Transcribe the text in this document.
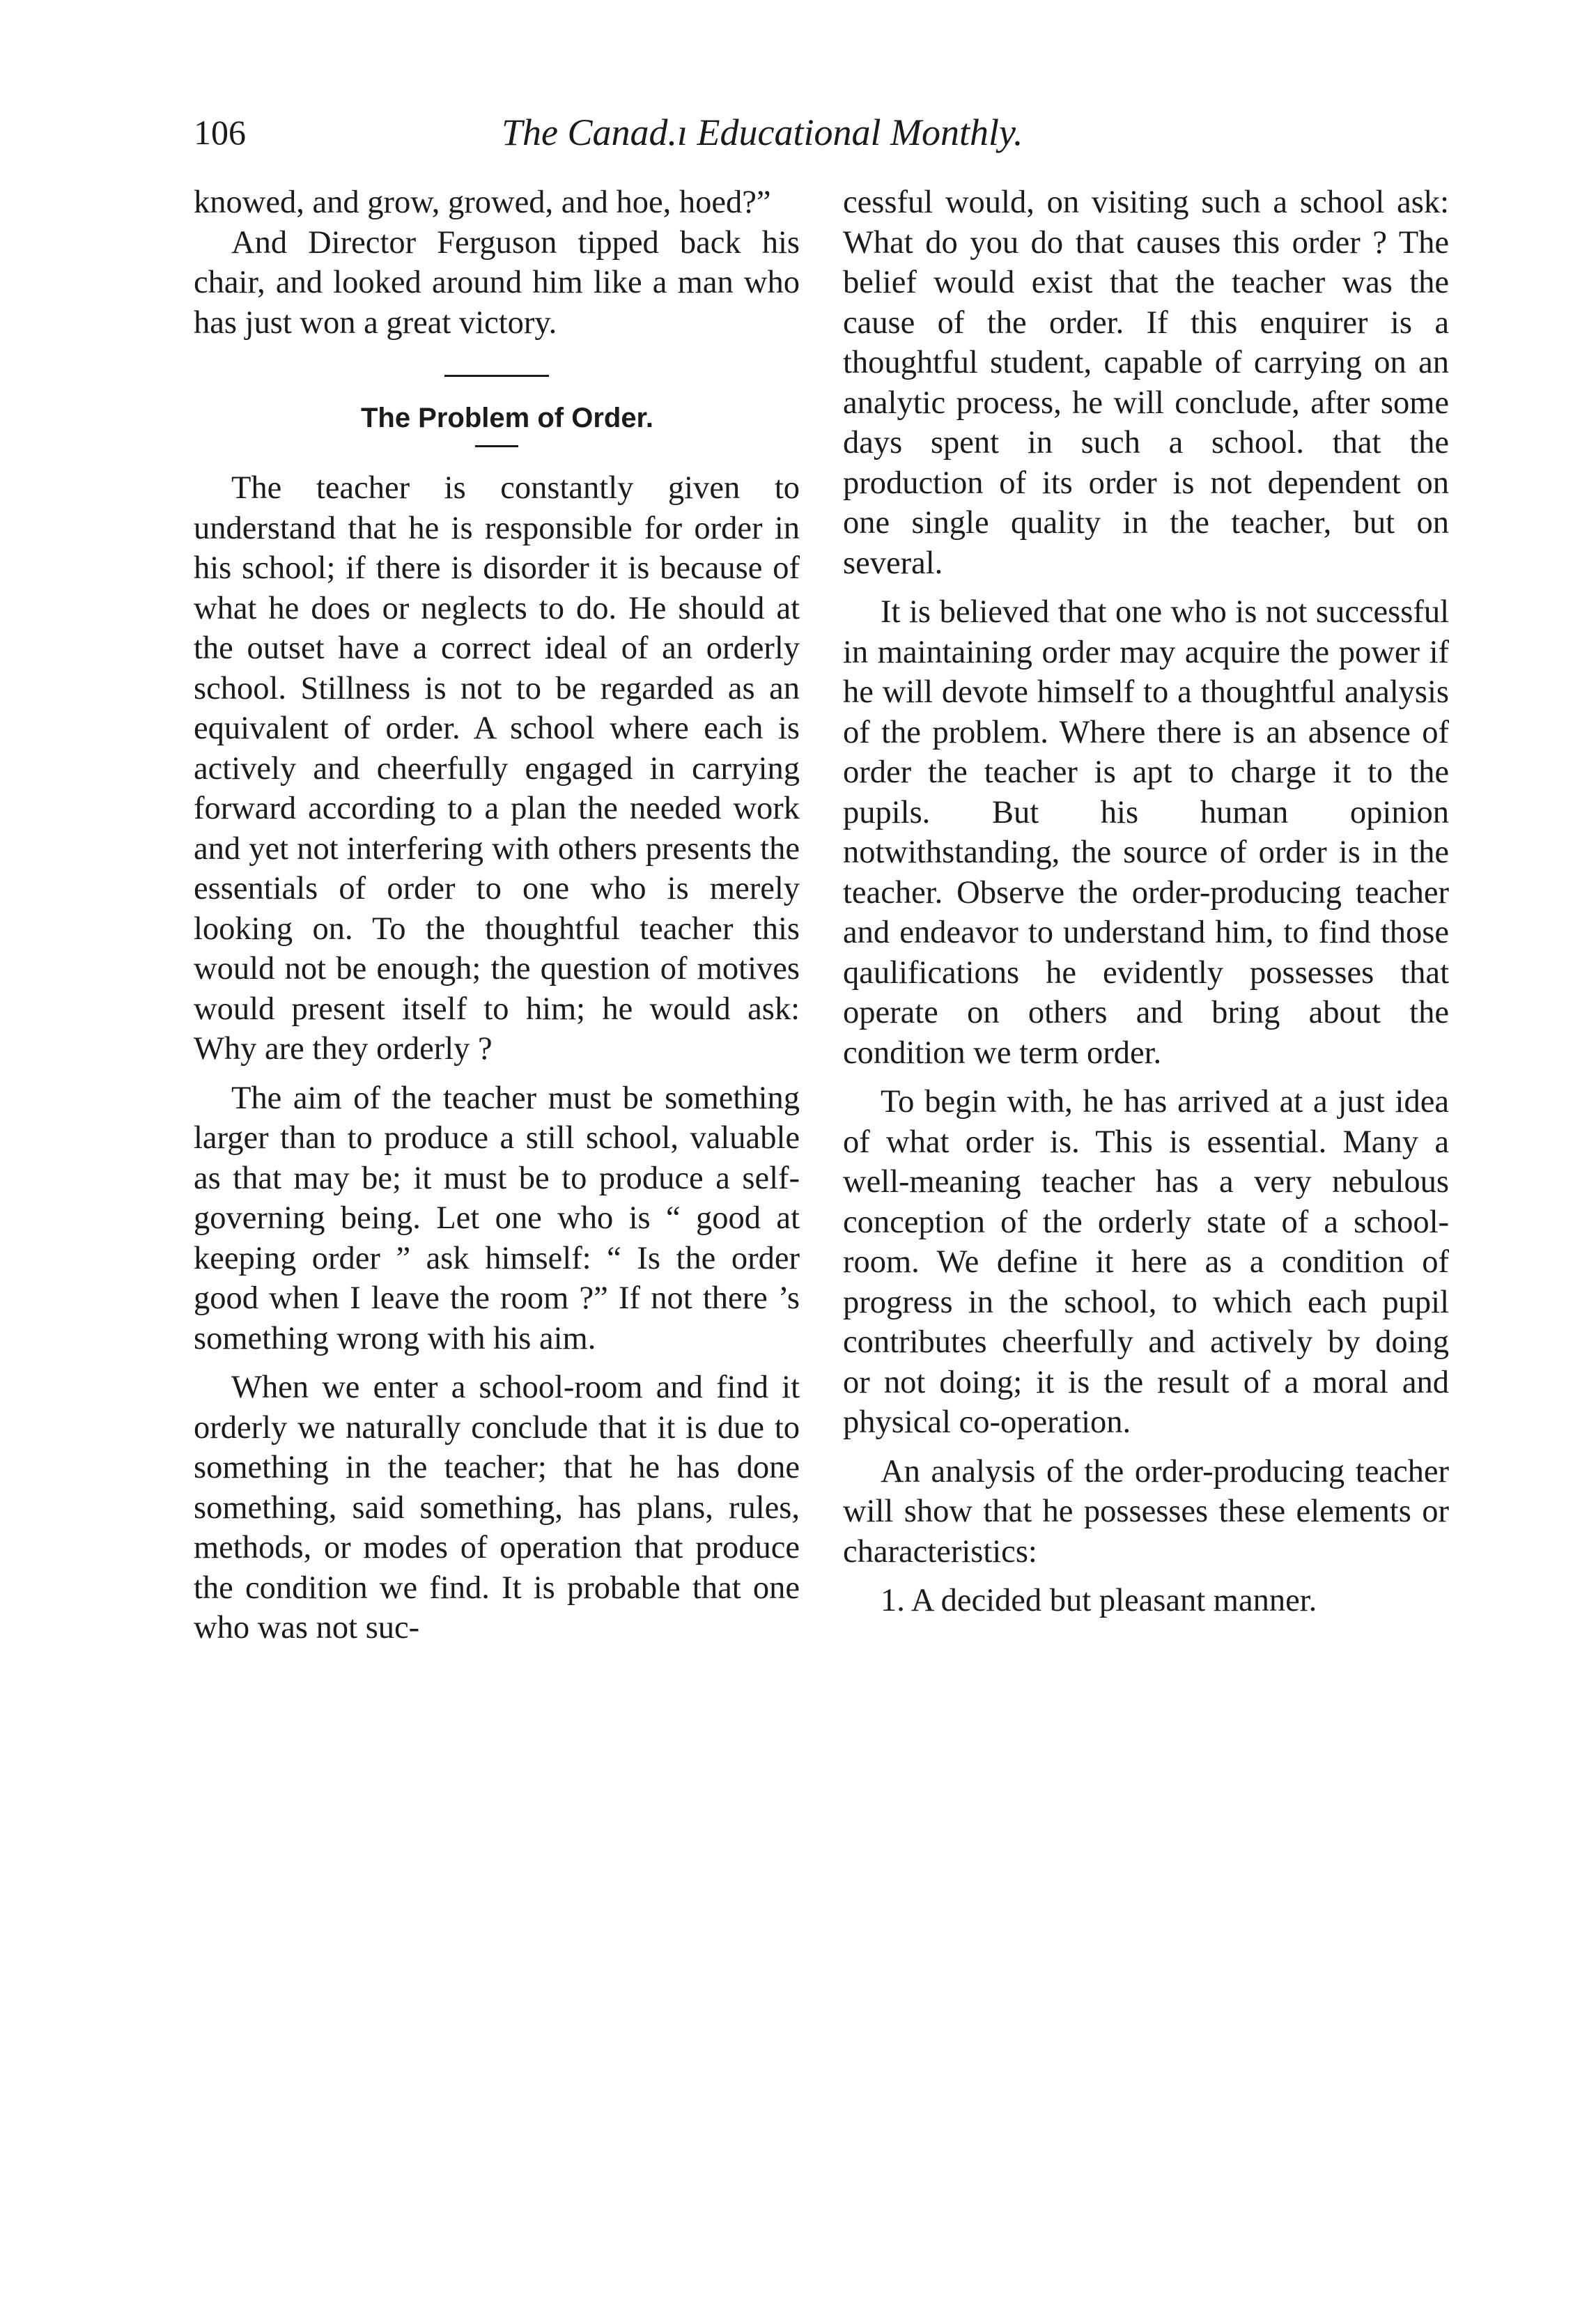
106	The Canad.ı Educational Monthly.

knowed, and grow, growed, and hoe, hoed?”

And Director Ferguson tipped back his chair, and looked around him like a man who has just won a great victory.

The Problem of Order.

The teacher is constantly given to understand that he is responsible for order in his school; if there is disorder it is because of what he does or neglects to do. He should at the outset have a correct ideal of an orderly school. Stillness is not to be regarded as an equivalent of order. A school where each is actively and cheerfully engaged in carrying forward according to a plan the needed work and yet not interfering with others presents the essentials of order to one who is merely looking on. To the thoughtful teacher this would not be enough; the question of motives would present itself to him; he would ask: Why are they orderly ?

The aim of the teacher must be something larger than to produce a still school, valuable as that may be; it must be to produce a self-governing being. Let one who is “ good at keeping order ” ask himself: “ Is the order good when I leave the room ?” If not there ’s something wrong with his aim.

When we enter a school-room and find it orderly we naturally conclude that it is due to something in the teacher; that he has done something, said something, has plans, rules, methods, or modes of operation that produce the condition we find. It is probable that one who was not suc-

cessful would, on visiting such a school ask: What do you do that causes this order ? The belief would exist that the teacher was the cause of the order. If this enquirer is a thoughtful student, capable of carrying on an analytic process, he will conclude, after some days spent in such a school. that the production of its order is not dependent on one single quality in the teacher, but on several.

It is believed that one who is not successful in maintaining order may acquire the power if he will devote himself to a thoughtful analysis of the problem. Where there is an absence of order the teacher is apt to charge it to the pupils. But his human opinion notwithstanding, the source of order is in the teacher. Observe the order-producing teacher and endeavor to understand him, to find those qaulifications he evidently possesses that operate on others and bring about the condition we term order.

To begin with, he has arrived at a just idea of what order is. This is essential. Many a well-meaning teacher has a very nebulous conception of the orderly state of a school-room. We define it here as a condition of progress in the school, to which each pupil contributes cheerfully and actively by doing or not doing; it is the result of a moral and physical co-operation.

An analysis of the order-producing teacher will show that he possesses these elements or characteristics:

1. A decided but pleasant manner.
